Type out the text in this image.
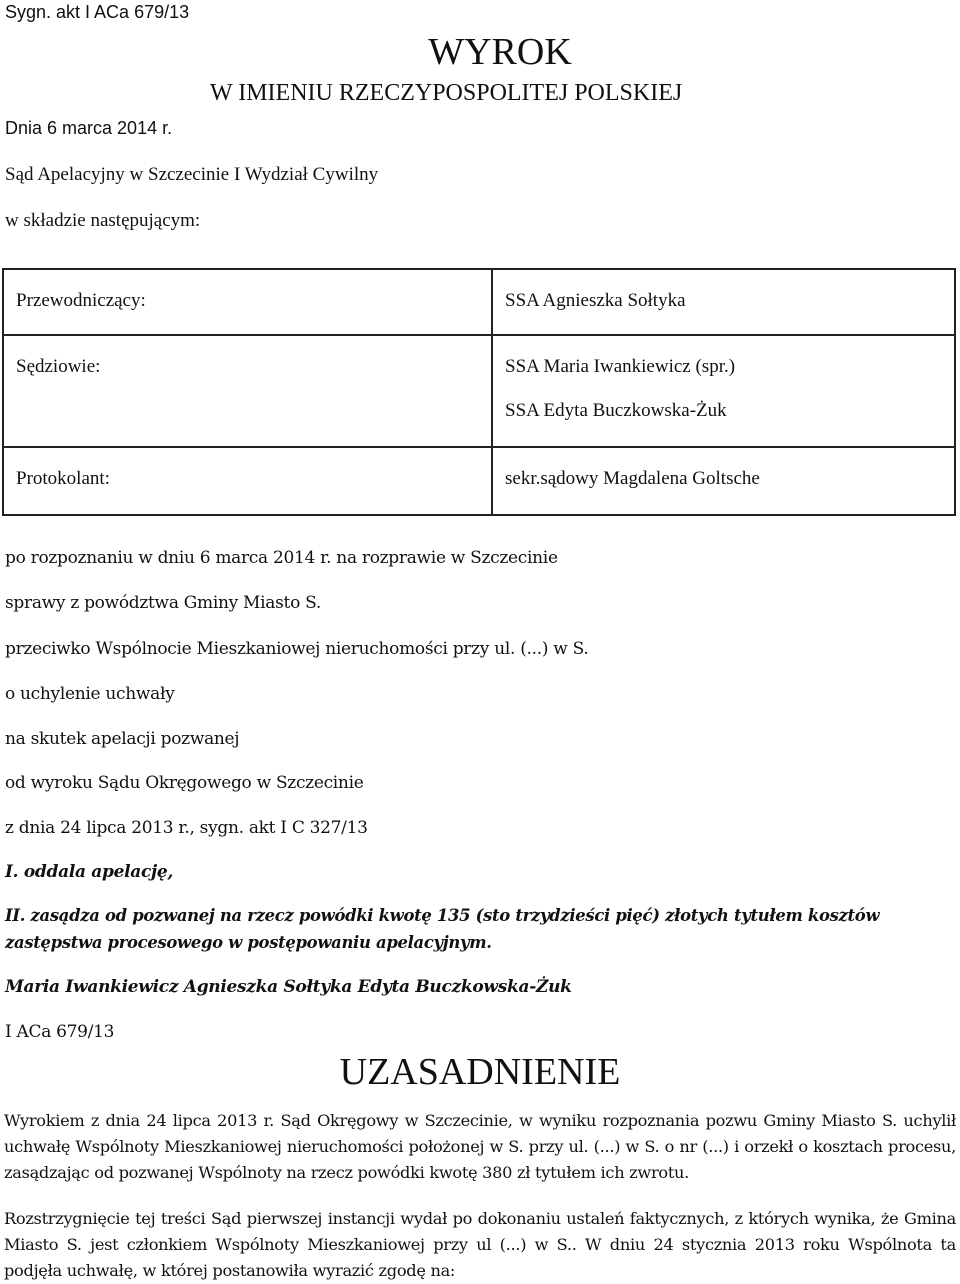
Sygn. akt I ACa 679/13
WYROK
W IMIENIU RZECZYPOSPOLITEJ POLSKIEJ
Dnia 6 marca 2014 r.
Sąd Apelacyjny w Szczecinie I Wydział Cywilny
w składzie następującym:
Przewodniczący:	SSA Agnieszka Sołtyka
Sędziowie:	SSA Maria Iwankiewicz (spr.)
SSA Edyta Buczkowska-Żuk

Protokolant:	sekr.sądowy Magdalena Goltsche
po rozpoznaniu w dniu 6 marca 2014 r. na rozprawie w Szczecinie
sprawy z powództwa Gminy Miasto S.
przeciwko Wspólnocie Mieszkaniowej nieruchomości przy ul. (...) w S.
o uchylenie uchwały
na skutek apelacji pozwanej
od wyroku Sądu Okręgowego w Szczecinie
z dnia 24 lipca 2013 r., sygn. akt I C 327/13
I. oddala apelację,
II. zasądza od pozwanej na rzecz powódki kwotę 135 (sto trzydzieści pięć) złotych tytułem kosztów
zastępstwa procesowego w postępowaniu apelacyjnym.
Maria Iwankiewicz Agnieszka Sołtyka Edyta Buczkowska-Żuk
I ACa 679/13
UZASADNIENIE
Wyrokiem z dnia 24 lipca 2013 r. Sąd Okręgowy w Szczecinie, w wyniku rozpoznania pozwu Gminy Miasto S. uchylił
uchwałę Wspólnoty Mieszkaniowej nieruchomości położonej w S. przy ul. (...) w S. o nr (...) i orzekł o kosztach procesu,
zasądzając od pozwanej Wspólnoty na rzecz powódki kwotę 380 zł tytułem ich zwrotu.
Rozstrzygnięcie tej treści Sąd pierwszej instancji wydał po dokonaniu ustaleń faktycznych, z których wynika, że Gmina
Miasto S. jest członkiem Wspólnoty Mieszkaniowej przy ul (...) w S.. W dniu 24 stycznia 2013 roku Wspólnota ta
podjęła uchwałę, w której postanowiła wyrazić zgodę na:
